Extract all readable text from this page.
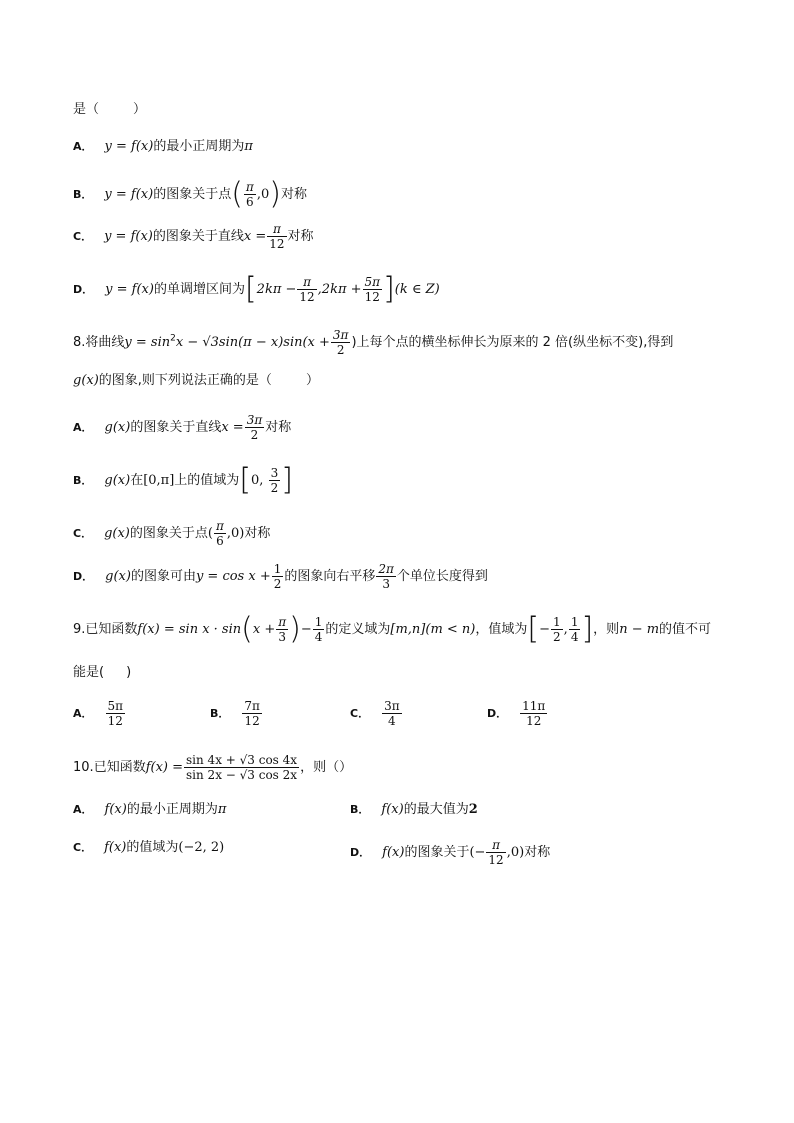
是（	）
A． y = f(x)的最小正周期为π
B． y = f(x)的图象关于点( $\frac{\pi}{6} ,0$)对称
C． y = f(x)的图象关于直线$x = \frac{\pi}{12}$ 对称
D． y = f(x)的单调增区间为$[2k\pi - \frac{\pi}{12} ,2k\pi + \frac{5\pi}{12} ](k$ ∈ Z)
8.将曲线$y = \sin^2x - √3\sin(\pi - x)\sin(x + \frac{3\pi}{2}$ )上每个点的横坐标伸长为原来的 2 倍(纵坐标不变),得到
g(x)的图象,则下列说法正确的是（	）
A． g(x)的图象关于直线$x = \frac{3\pi}{2}$ 对称
B． g(x)在[0,π]上的值域为[0, $\frac{3}{2}$ ]
C． g(x)的图象关于点( $\frac{\pi}{6} ,0$)对称
D． g(x)的图象可由$y = \cos x + \frac{1}{2}$ 的图象向右平移 $\frac{2\pi}{3}$ 个单位长度得到
9.已知函数$f(x) = \sin x \cdot \sin(x + \frac{\pi}{3}$ )− $\frac{1}{4}$ 的定义域为[m,n](m < n)，值域为[− $\frac{1}{2}$ , $\frac{1}{4}$ ]，则n − m的值不可
能是( )
A． $\frac{5\pi}{12}$	B． $\frac{7\pi}{12}$	C． $\frac{3\pi}{4}$	D． $\frac{11\pi}{12}$
10.已知函数$f(x) = \frac{\sin 4x + √3 \cos 4x}{\sin 2x - √3 \cos 2x}$ ，则（）
A． f(x)的最小正周期为π	B． f(x)的最大值为2
C． f(x)的值域为(−2, 2)	D． f(x)的图象关于(− $\frac{\pi}{12} ,0$)对称
